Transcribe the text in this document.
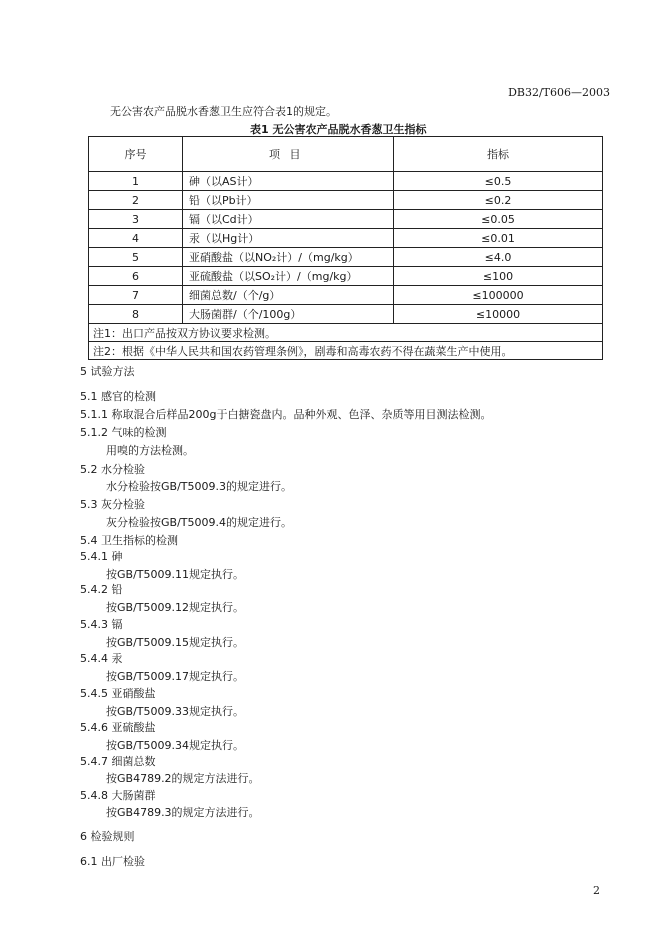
DB32/T606—2003
无公害农产品脱水香葱卫生应符合表1的规定。
表1 无公害农产品脱水香葱卫生指标
序号	项 目	指标
1	砷（以AS计）	≤0.5
2	铅（以Pb计）	≤0.2
3	镉（以Cd计）	≤0.05
4	汞（以Hg计）	≤0.01
5	亚硝酸盐（以NO₂计）/（mg/kg）	≤4.0
6	亚硫酸盐（以SO₂计）/（mg/kg）	≤100
7	细菌总数/（个/g）	≤100000
8	大肠菌群/（个/100g）	≤10000
注1：出口产品按双方协议要求检测。		
注2：根据《中华人民共和国农药管理条例》，剧毒和高毒农药不得在蔬菜生产中使用。		
5 试验方法
5.1 感官的检测
5.1.1 称取混合后样品200g于白搪瓷盘内。品种外观、色泽、杂质等用目测法检测。
5.1.2 气味的检测
用嗅的方法检测。
5.2 水分检验
水分检验按GB/T5009.3的规定进行。
5.3 灰分检验
灰分检验按GB/T5009.4的规定进行。
5.4 卫生指标的检测
5.4.1 砷
按GB/T5009.11规定执行。
5.4.2 铅
按GB/T5009.12规定执行。
5.4.3 镉
按GB/T5009.15规定执行。
5.4.4 汞
按GB/T5009.17规定执行。
5.4.5 亚硝酸盐
按GB/T5009.33规定执行。
5.4.6 亚硫酸盐
按GB/T5009.34规定执行。
5.4.7 细菌总数
按GB4789.2的规定方法进行。
5.4.8 大肠菌群
按GB4789.3的规定方法进行。
6 检验规则
6.1 出厂检验
2
